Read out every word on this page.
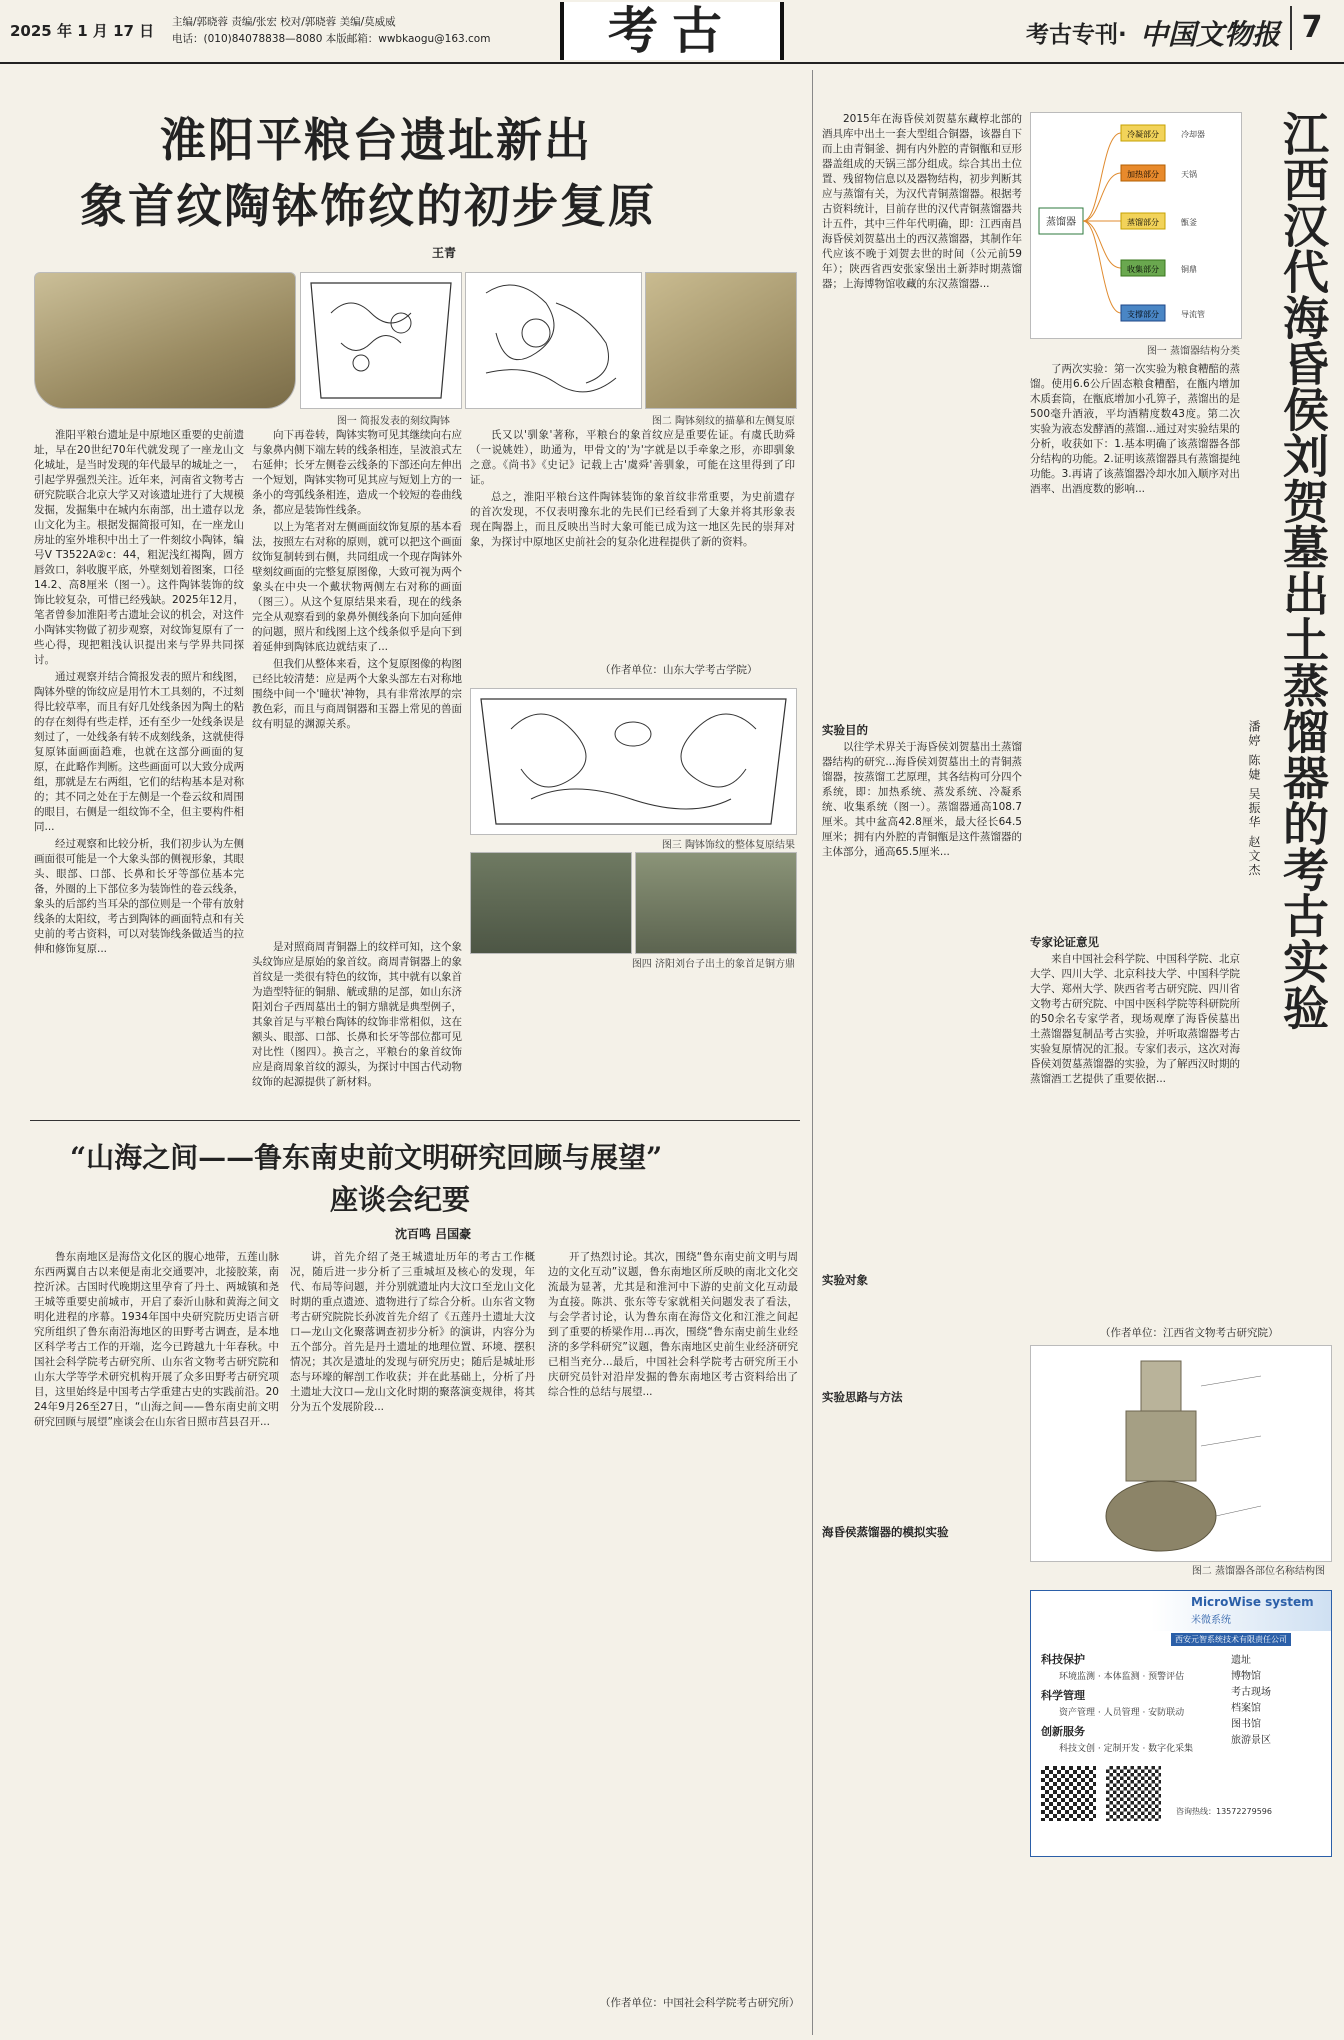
2025 年 1 月 17 日 主编/郭晓蓉 责编/张宏 校对/郭晓蓉 美编/莫威威
电话：(010)84078838—8080 本版邮箱：wwbkaogu@163.com	考古	考古专刊· 中国文物报 7
淮阳平粮台遗址新出
象首纹陶钵饰纹的初步复原
王青
图一 简报发表的刻纹陶钵	图二 陶钵刻纹的描摹和左侧复原

淮阳平粮台遗址是中原地区重要的史前遗址，早在20世纪70年代就发现了一座龙山文化城址，是当时发现的年代最早的城址之一，引起学界强烈关注。近年来，河南省文物考古研究院联合北京大学又对该遗址进行了大规模发掘，发掘集中在城内东南部，出土遗存以龙山文化为主。根据发掘简报可知，在一座龙山房址的室外堆积中出土了一件刻纹小陶钵，编号Ⅴ T3522A②c：44，粗泥浅红褐陶，圆方唇敛口，斜收腹平底，外壁刻划着图案，口径14.2、高8厘米（图一）。这件陶钵装饰的纹饰比较复杂，可惜已经残缺。2025年12月，笔者曾参加淮阳考古遗址会议的机会，对这件小陶钵实物做了初步观察，对纹饰复原有了一些心得，现把粗浅认识提出来与学界共同探讨。

通过观察并结合简报发表的照片和线图，陶钵外壁的饰纹应是用竹木工具刻的，不过刻得比较草率，而且有好几处线条因为陶土的粘的存在刻得有些走样，还有至少一处线条误是刻过了，一处线条有转不成刻线条，这就使得复原钵面画面趋难，也就在这部分画面的复原，在此略作判断。这些画面可以大致分成两组，那就是左右两组，它们的结构基本是对称的；其不同之处在于左侧是一个卷云纹和周围的眼目，右侧是一组纹饰不全，但主要构件相同...

经过观察和比较分析，我们初步认为左侧画面很可能是一个大象头部的侧视形象，其眼头、眼部、口部、长鼻和长牙等部位基本完备，外圈的上下部位多为装饰性的卷云线条，象头的后部约当耳朵的部位则是一个带有放射线条的太阳纹，考古到陶钵的画面特点和有关史前的考古资料，可以对装饰线条做适当的拉伸和修饰复原...

向下再卷转，陶钵实物可见其继续向右应与象鼻内侧下端左转的线条相连，呈波浪式左右延伸；长牙左侧卷云线条的下部还向左伸出一个短划，陶钵实物可见其应与短划上方的一条小的弯弧线条相连，造成一个较短的卷曲线条，都应是装饰性线条。

以上为笔者对左侧画面纹饰复原的基本看法，按照左右对称的原则，就可以把这个画面纹饰复制转到右侧，共同组成一个现存陶钵外壁刻纹画面的完整复原图像，大致可视为两个象头在中央一个戴状物两侧左右对称的画面（图三）。从这个复原结果来看，现在的线条完全从观察看到的象鼻外侧线条向下加向延伸的问题，照片和线图上这个线条似乎是向下到着延伸到陶钵底边就结束了...

但我们从整体来看，这个复原图像的构图已经比较清楚：应是两个大象头部左右对称地围绕中间一个'瞳状'神物，具有非常浓厚的宗教色彩，而且与商周铜器和玉器上常见的兽面纹有明显的渊源关系。

氏又以'驯象'著称，平粮台的象首纹应是重要佐证。有虞氏助舜（一说姚姓），助通为，甲骨文的'为'字就是以手牵象之形，亦即驯象之意。《尚书》《史记》记载上古'虞舜'善驯象，可能在这里得到了印证。

总之，淮阳平粮台这件陶钵装饰的象首纹非常重要，为史前遗存的首次发现，不仅表明豫东北的先民们已经看到了大象并将其形象表现在陶器上，而且反映出当时大象可能已成为这一地区先民的崇拜对象，为探讨中原地区史前社会的复杂化进程提供了新的资料。

（作者单位：山东大学考古学院）
图三 陶钵饰纹的整体复原结果

是对照商周青铜器上的纹样可知，这个象头纹饰应是原始的象首纹。商周青铜器上的象首纹是一类很有特色的纹饰，其中就有以象首为造型特征的铜鼎、觥或鼎的足部，如山东济阳刘台子西周墓出土的铜方鼎就是典型例子，其象首足与平粮台陶钵的纹饰非常相似，这在额头、眼部、口部、长鼻和长牙等部位都可见对比性（图四）。换言之，平粮台的象首纹饰应是商周象首纹的源头，为探讨中国古代动物纹饰的起源提供了新材料。

图四 济阳刘台子出土的象首足铜方鼎
“山海之间——鲁东南史前文明研究回顾与展望”
座谈会纪要
沈百鸣 吕国豪
鲁东南地区是海岱文化区的腹心地带，五莲山脉东西两翼自古以来便是南北交通要冲，北接胶莱，南控沂沭。古国时代晚期这里孕育了丹土、两城镇和尧王城等重要史前城市，开启了泰沂山脉和黄海之间文明化进程的序幕。1934年国中央研究院历史语言研究所组织了鲁东南沿海地区的田野考古调查，是本地区科学考古工作的开端，迄今已跨越九十年春秋。中国社会科学院考古研究所、山东省文物考古研究院和山东大学等学术研究机构开展了众多田野考古研究项目，这里始终是中国考古学重建古史的实践前沿。2024年9月26至27日，“山海之间——鲁东南史前文明研究回顾与展望”座谈会在山东省日照市莒县召开...
讲，首先介绍了尧王城遗址历年的考古工作概况，随后进一步分析了三重城垣及核心的发现，年代、布局等问题，并分别就遗址内大汶口至龙山文化时期的重点遗迹、遗物进行了综合分析。山东省文物考古研究院院长孙波首先介绍了《五莲丹土遗址大汶口—龙山文化聚落调查初步分析》的演讲，内容分为五个部分。首先是丹土遗址的地理位置、环境、摆积情况；其次是遗址的发现与研究历史；随后是城址形态与环壕的解剖工作收获；并在此基础上，分析了丹土遗址大汶口—龙山文化时期的聚落演变规律，将其分为五个发展阶段...
开了热烈讨论。其次，围绕“鲁东南史前文明与周边的文化互动”议题，鲁东南地区所反映的南北文化交流最为显著，尤其是和淮河中下游的史前文化互动最为直接。陈洪、张东等专家就相关问题发表了看法，与会学者讨论，认为鲁东南在海岱文化和江淮之间起到了重要的桥梁作用...再次，围绕“鲁东南史前生业经济的多学科研究”议题，鲁东南地区史前生业经济研究已相当充分...最后，中国社会科学院考古研究所王小庆研究员针对沿岸发掘的鲁东南地区考古资料给出了综合性的总结与展望...
（作者单位：中国社会科学院考古研究所）
江西汉代海昏侯刘贺墓出土蒸馏器的考古实验
潘婷 陈婕 吴振华 赵文杰
2015年在海昏侯刘贺墓东藏椁北部的酒具库中出土一套大型组合铜器，该器自下而上由青铜釜、拥有内外腔的青铜甑和豆形器盖组成的天锅三部分组成。综合其出土位置、残留物信息以及器物结构，初步判断其应与蒸馏有关，为汉代青铜蒸馏器。根据考古资料统计，目前存世的汉代青铜蒸馏器共计五件，其中三件年代明确，即：江西南昌海昏侯刘贺墓出土的西汉蒸馏器，其制作年代应该不晚于刘贺去世的时间（公元前59年）；陕西省西安张家堡出土新莽时期蒸馏器；上海博物馆收藏的东汉蒸馏器...
蒸馏器
冷凝部分
加热部分
蒸馏部分
收集部分
支撑部分
冷却器
天锅
甑釜
铜鼎
导流管
图一 蒸馏器结构分类
了两次实验：第一次实验为粮食糟醅的蒸馏。使用6.6公斤固态粮食糟醅，在甑内增加木质套筒，在甑底增加小孔箅子，蒸馏出的是500毫升酒液，平均酒精度数43度。第二次实验为液态发酵酒的蒸馏...通过对实验结果的分析，收获如下：1.基本明确了该蒸馏器各部分结构的功能。2.证明该蒸馏器具有蒸馏提纯功能。3.再请了该蒸馏器冷却水加入顺序对出酒率、出酒度数的影响...
实验目的
以往学术界关于海昏侯刘贺墓出土蒸馏器结构的研究...海昏侯刘贺墓出土的青铜蒸馏器，按蒸馏工艺原理，其各结构可分四个系统，即：加热系统、蒸发系统、冷凝系统、收集系统（图一）。蒸馏器通高108.7厘米。其中盆高42.8厘米，最大径长64.5厘米；拥有内外腔的青铜甑是这件蒸馏器的主体部分，通高65.5厘米...
实验对象
实验思路与方法
海昏侯蒸馏器的模拟实验
专家论证意见
来自中国社会科学院、中国科学院、北京大学、四川大学、北京科技大学、中国科学院大学、郑州大学、陕西省考古研究院、四川省文物考古研究院、中国中医科学院等科研院所的50余名专家学者，现场观摩了海昏侯墓出土蒸馏器复制品考古实验，并听取蒸馏器考古实验复原情况的汇报。专家们表示，这次对海昏侯刘贺墓蒸馏器的实验，为了解西汉时期的蒸馏酒工艺提供了重要依据...
（作者单位：江西省文物考古研究院）
图二 蒸馏器各部位名称结构图
MicroWise system
米微系统
西安元智系统技术有限责任公司
科技保护
环境监测 · 本体监测 · 预警评估
科学管理
资产管理 · 人员管理 · 安防联动
创新服务
科技文创 · 定制开发 · 数字化采集
遗址
博物馆
考古现场
档案馆
图书馆
旅游景区
咨询热线：13572279596
